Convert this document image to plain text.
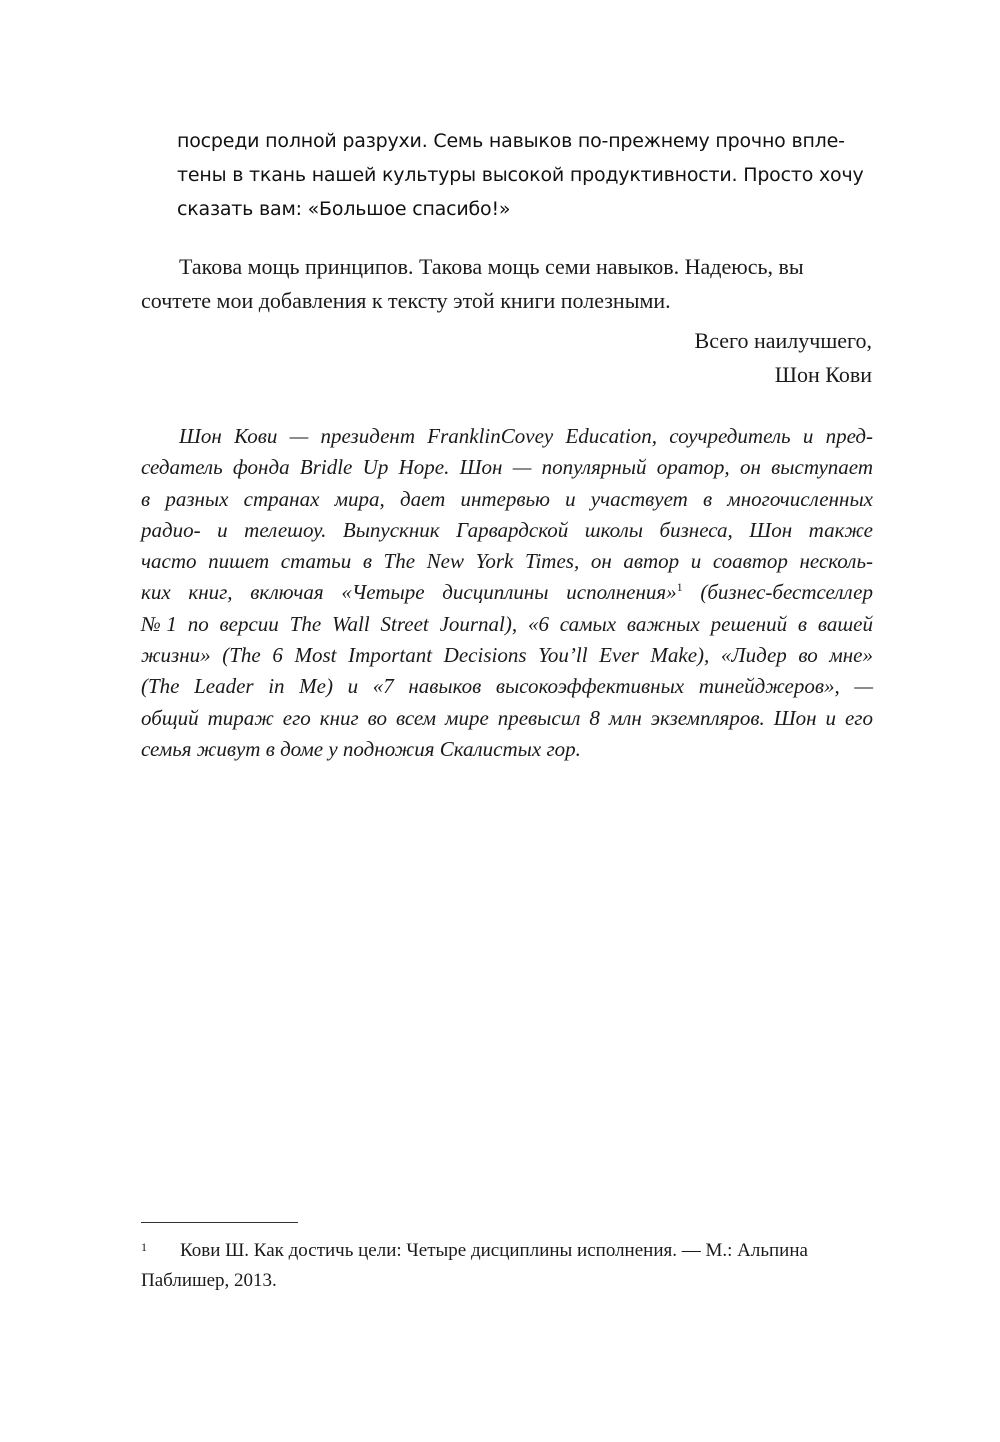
посреди полной разрухи. Семь навыков по-прежнему прочно впле-
тены в ткань нашей культуры высокой продуктивности. Просто хочу
сказать вам: «Большое спасибо!»
Такова мощь принципов. Такова мощь семи навыков. Надеюсь, вы
сочтете мои добавления к тексту этой книги полезными.
Всего наилучшего,
Шон Кови
Шон Кови — президент FranklinCovey Education, соучредитель и пред-
седатель фонда Bridle Up Hope. Шон — популярный оратор, он выступает
в разных странах мира, дает интервью и участвует в многочисленных
радио- и телешоу. Выпускник Гарвардской школы бизнеса, Шон также
часто пишет статьи в The New York Times, он автор и соавтор несколь-
ких книг, включая «Четыре дисциплины исполнения»$^1$ (бизнес-бестселлер
№1 по версии The Wall Street Journal), «6 самых важных решений в вашей
жизни» (The 6 Most Important Decisions You’ll Ever Make), «Лидер во мне»
(The Leader in Me) и «7 навыков высокоэффективных тинейджеров», —
общий тираж его книг во всем мире превысил 8 млн экземпляров. Шон и его
семья живут в доме у подножия Скалистых гор.
1 Кови Ш. Как достичь цели: Четыре дисциплины исполнения. — М.: Альпина
Паблишер, 2013.
